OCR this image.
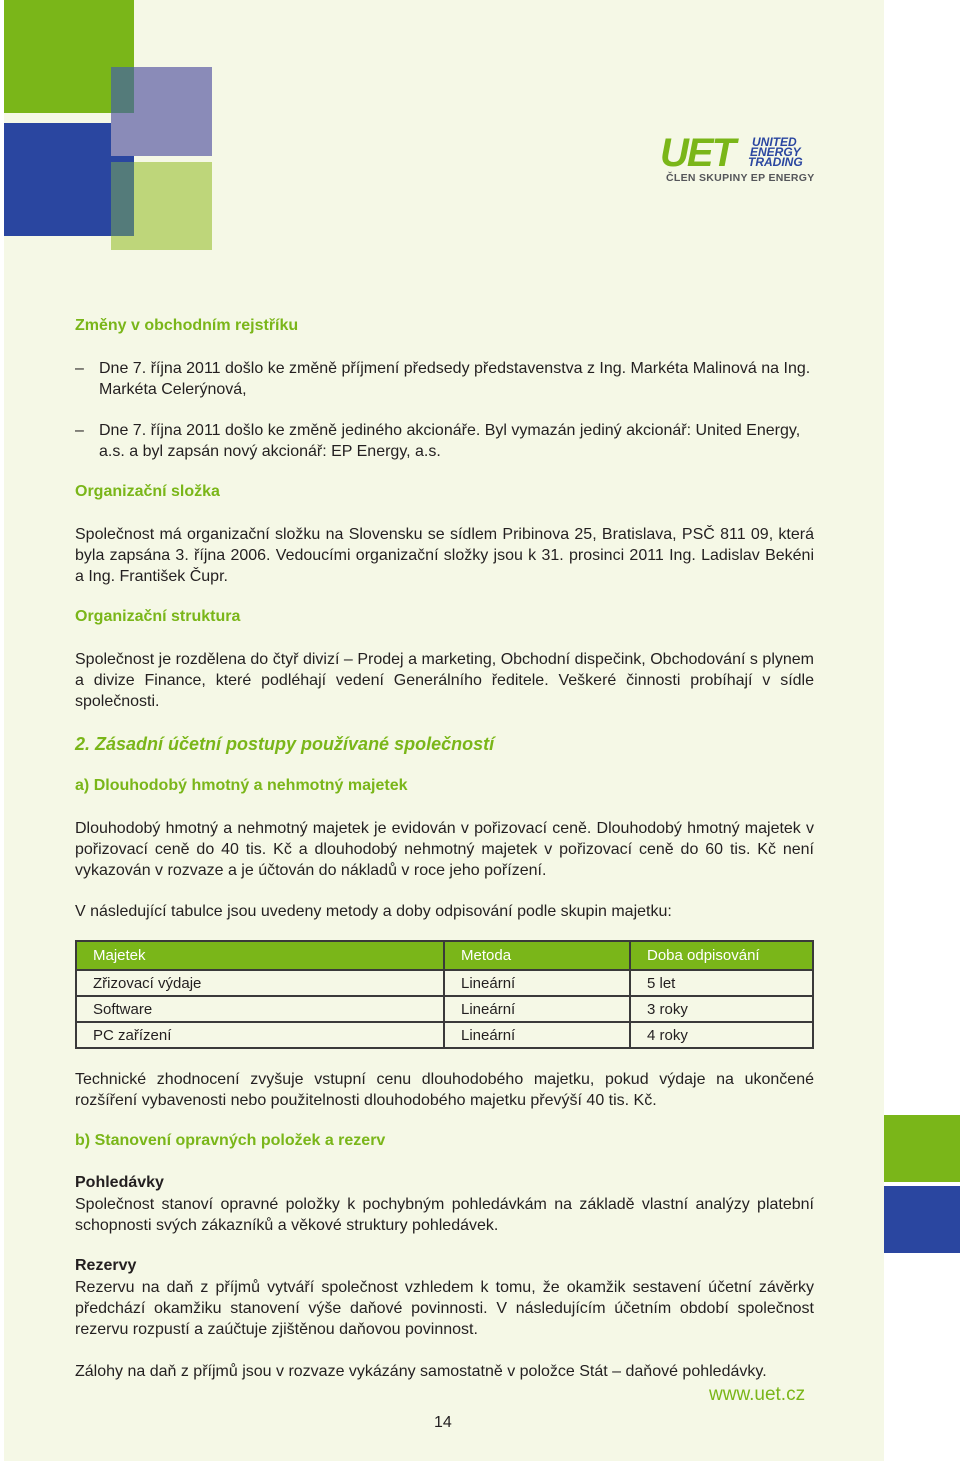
UET	UNITED
ENERGY
TRADING
ČLEN SKUPINY EP ENERGY
Změny v obchodním rejstříku
– Dne 7. října 2011 došlo ke změně příjmení předsedy představenstva z Ing. Markéta Malinová na Ing. Markéta Celerýnová,
– Dne 7. října 2011 došlo ke změně jediného akcionáře. Byl vymazán jediný akcionář: United Energy, a.s. a byl zapsán nový akcionář: EP Energy, a.s.
Organizační složka
Společnost má organizační složku na Slovensku se sídlem Pribinova 25, Bratislava, PSČ 811 09, která byla zapsána 3. října 2006. Vedoucími organizační složky jsou k 31. prosinci 2011 Ing. Ladislav Bekéni a Ing. František Čupr.
Organizační struktura
Společnost je rozdělena do čtyř divizí – Prodej a marketing, Obchodní dispečink, Obchodování s plynem a divize Finance, které podléhají vedení Generálního ředitele. Veškeré činnosti probíhají v sídle společnosti.
2. Zásadní účetní postupy používané společností
a) Dlouhodobý hmotný a nehmotný majetek
Dlouhodobý hmotný a nehmotný majetek je evidován v pořizovací ceně. Dlouhodobý hmotný majetek v pořizovací ceně do 40 tis. Kč a dlouhodobý nehmotný majetek v pořizovací ceně do 60 tis. Kč není vykazován v rozvaze a je účtován do nákladů v roce jeho pořízení.
V následující tabulce jsou uvedeny metody a doby odpisování podle skupin majetku:
Majetek	Metoda	Doba odpisování
Zřizovací výdaje	Lineární	5 let
Software	Lineární	3 roky
PC zařízení	Lineární	4 roky
Technické zhodnocení zvyšuje vstupní cenu dlouhodobého majetku, pokud výdaje na ukončené rozšíření vybavenosti nebo použitelnosti dlouhodobého majetku převýší 40 tis. Kč.
b) Stanovení opravných položek a rezerv
Pohledávky
Společnost stanoví opravné položky k pochybným pohledávkám na základě vlastní analýzy platební schopnosti svých zákazníků a věkové struktury pohledávek.
Rezervy
Rezervu na daň z příjmů vytváří společnost vzhledem k tomu, že okamžik sestavení účetní závěrky předchází okamžiku stanovení výše daňové povinnosti. V následujícím účetním období společnost rezervu rozpustí a zaúčtuje zjištěnou daňovou povinnost.
Zálohy na daň z příjmů jsou v rozvaze vykázány samostatně v položce Stát – daňové pohledávky.
www.uet.cz
14
